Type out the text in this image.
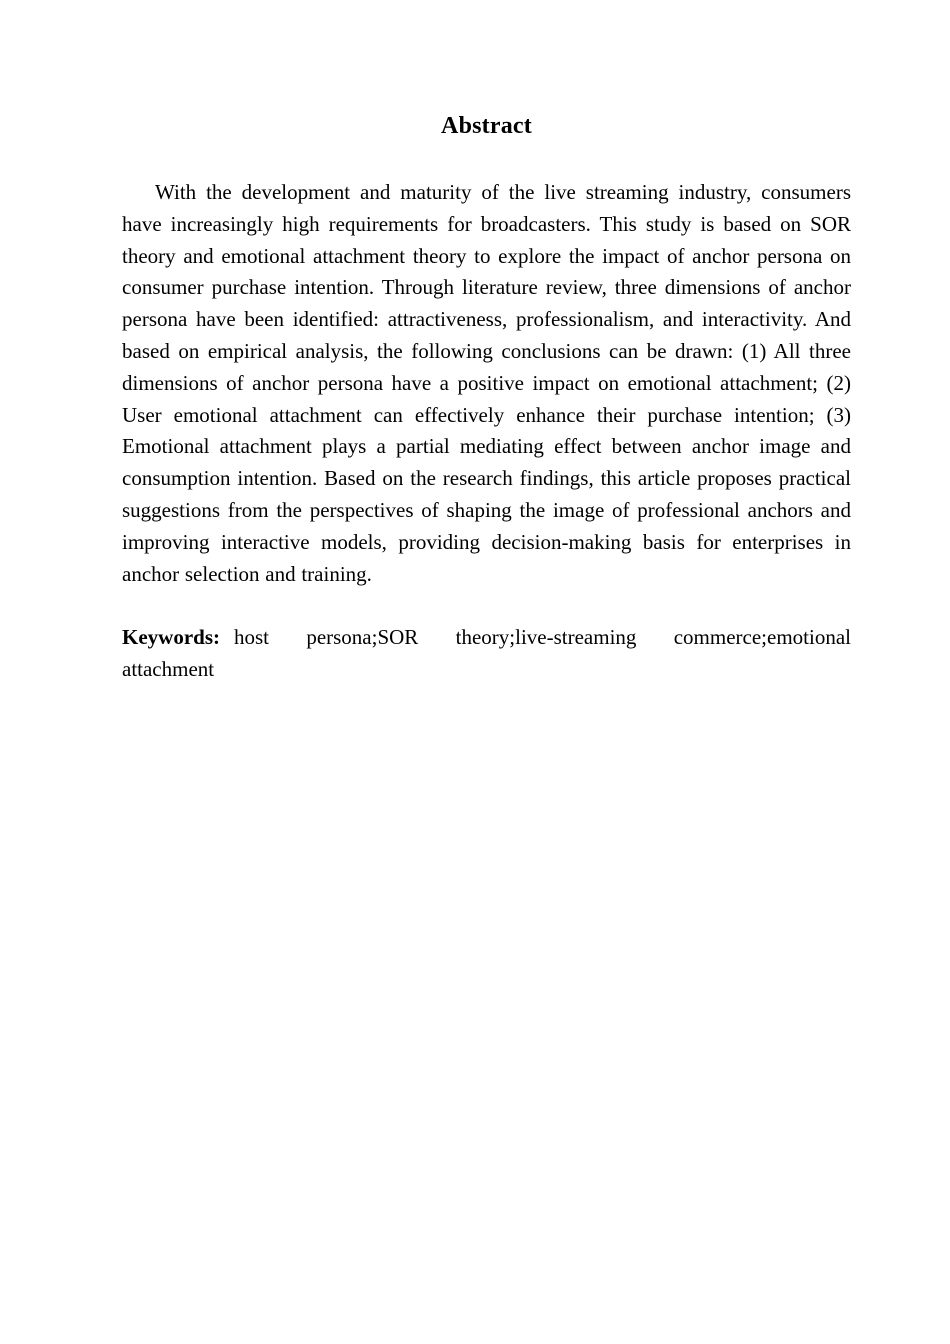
Abstract

With the development and maturity of the live streaming industry, consumers have increasingly high requirements for broadcasters. This study is based on SOR theory and emotional attachment theory to explore the impact of anchor persona on consumer purchase intention. Through literature review, three dimensions of anchor persona have been identified: attractiveness, professionalism, and interactivity. And based on empirical analysis, the following conclusions can be drawn: (1) All three dimensions of anchor persona have a positive impact on emotional attachment; (2) User emotional attachment can effectively enhance their purchase intention; (3) Emotional attachment plays a partial mediating effect between anchor image and consumption intention. Based on the research findings, this article proposes practical suggestions from the perspectives of shaping the image of professional anchors and improving interactive models, providing decision-making basis for enterprises in anchor selection and training.

Keywords: host persona;SOR theory;live-streaming commerce;emotional attachment
